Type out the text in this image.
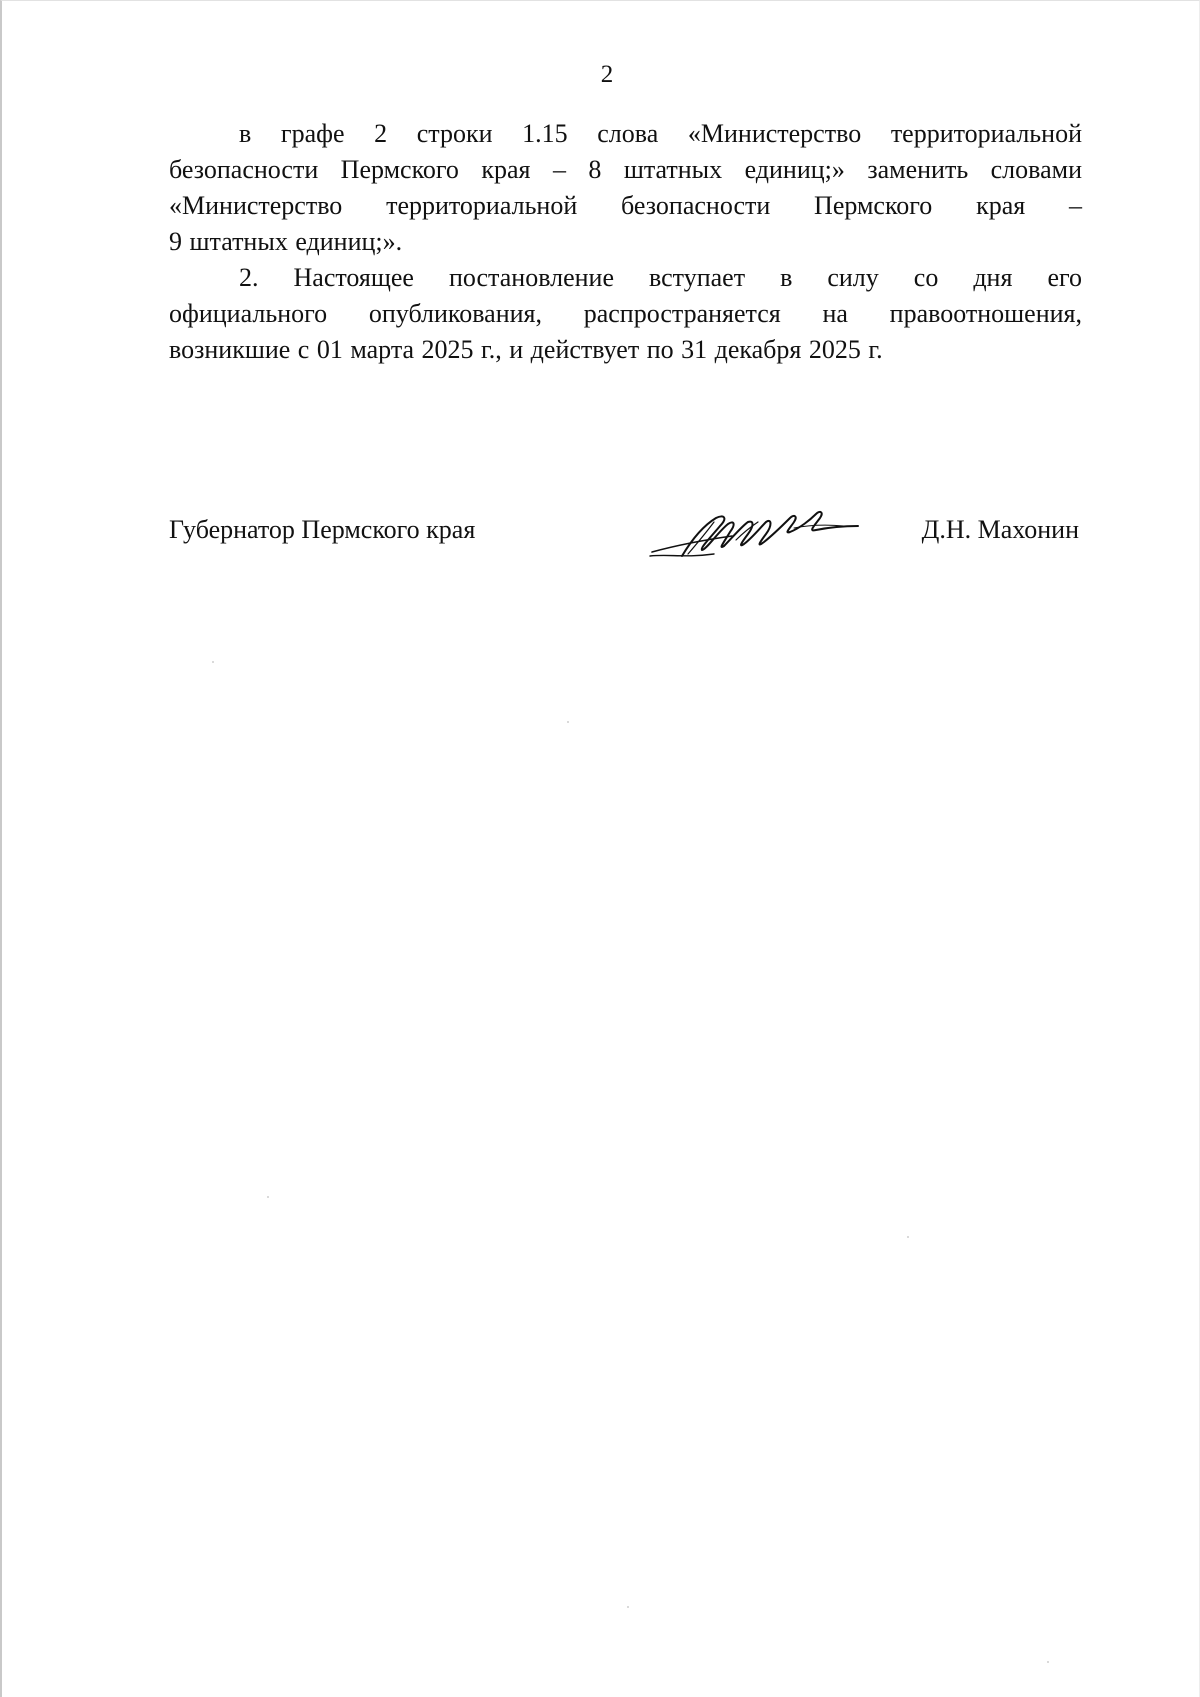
2

в графе 2 строки 1.15 слова «Министерство территориальной
безопасности Пермского края – 8 штатных единиц;» заменить словами
«Министерство территориальной безопасности Пермского края –
9 штатных единиц;».

2. Настоящее постановление вступает в силу со дня его
официального опубликования, распространяется на правоотношения,
возникшие с 01 марта 2025 г., и действует по 31 декабря 2025 г.

Губернатор Пермского края	Д.Н. Махонин
